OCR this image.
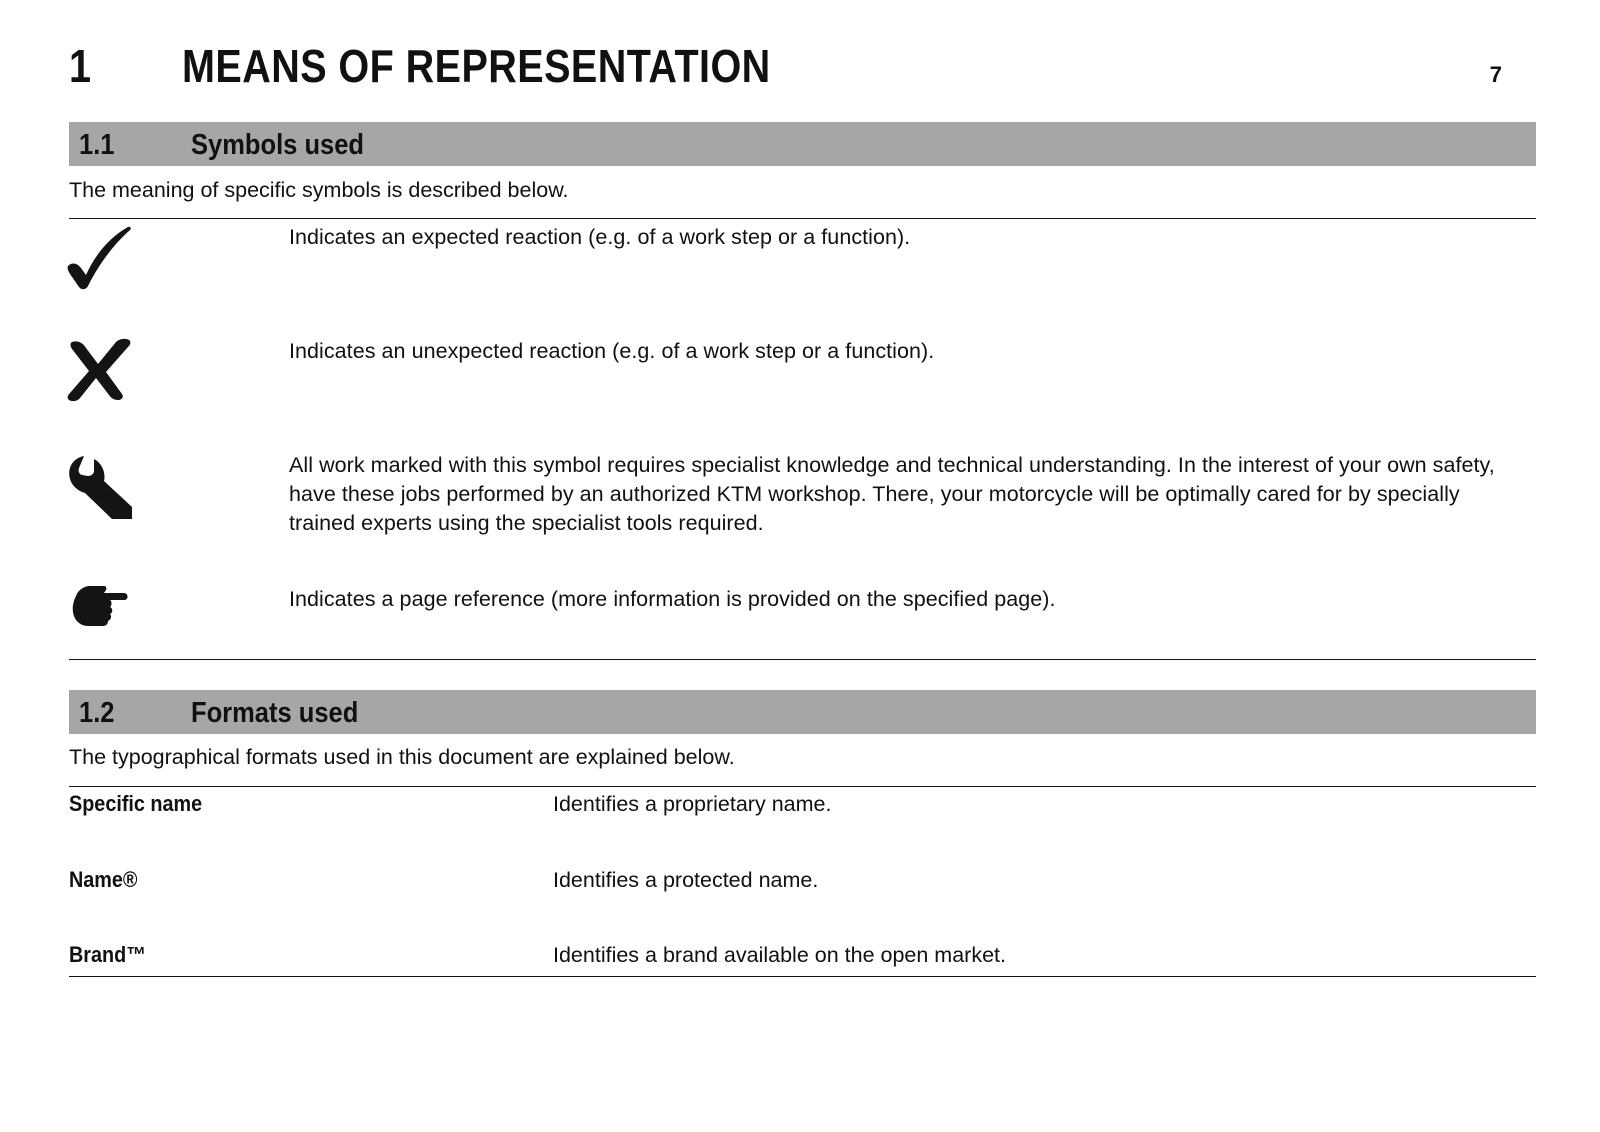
1 MEANS OF REPRESENTATION	7
1.1	Symbols used
The meaning of specific symbols is described below.
Indicates an expected reaction (e.g. of a work step or a function).
Indicates an unexpected reaction (e.g. of a work step or a function).
All work marked with this symbol requires specialist knowledge and technical understanding. In the interest of your own safety, have these jobs performed by an authorized KTM workshop. There, your motorcycle will be optimally cared for by specially trained experts using the specialist tools required.
Indicates a page reference (more information is provided on the specified page).
1.2	Formats used
The typographical formats used in this document are explained below.
Specific name	Identifies a proprietary name.
Name®	Identifies a protected name.
Brand™	Identifies a brand available on the open market.
